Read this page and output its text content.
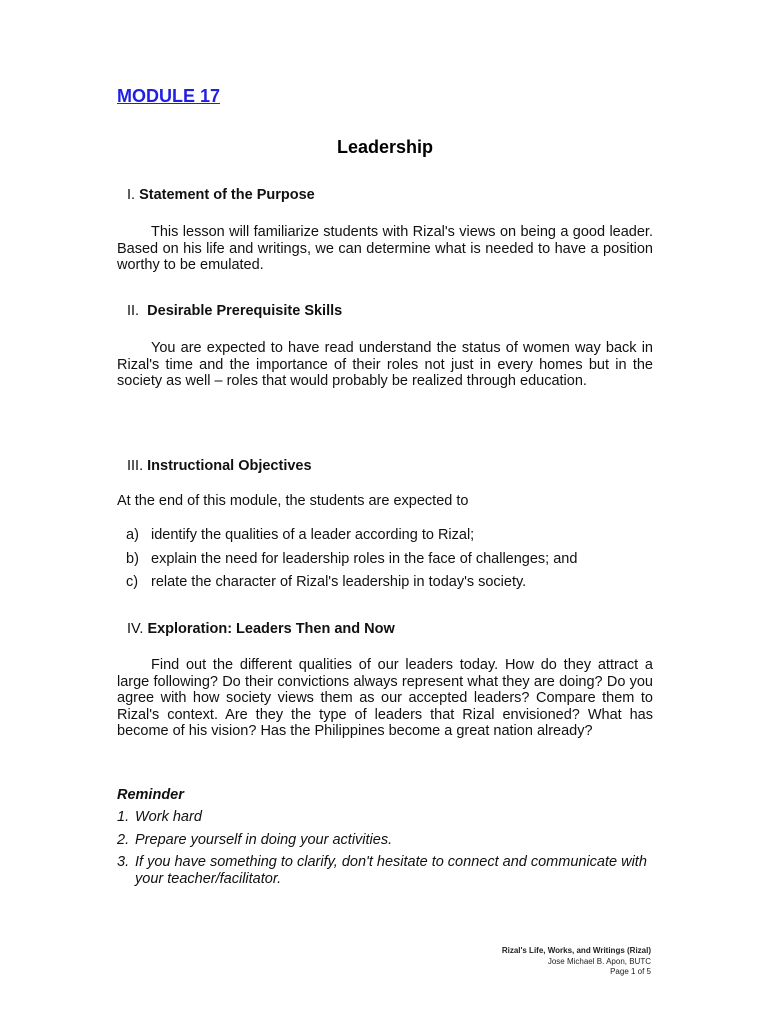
MODULE 17
Leadership
I. Statement of the Purpose
This lesson will familiarize students with Rizal's views on being a good leader. Based on his life and writings, we can determine what is needed to have a position worthy to be emulated.
II. Desirable Prerequisite Skills
You are expected to have read understand the status of women way back in Rizal's time and the importance of their roles not just in every homes but in the society as well – roles that would probably be realized through education.
III. Instructional Objectives
At the end of this module, the students are expected to
a) identify the qualities of a leader according to Rizal;
b) explain the need for leadership roles in the face of challenges; and
c) relate the character of Rizal's leadership in today's society.
IV. Exploration: Leaders Then and Now
Find out the different qualities of our leaders today. How do they attract a large following? Do their convictions always represent what they are doing? Do you agree with how society views them as our accepted leaders? Compare them to Rizal's context. Are they the type of leaders that Rizal envisioned? What has become of his vision? Has the Philippines become a great nation already?
Reminder
1. Work hard
2. Prepare yourself in doing your activities.
3. If you have something to clarify, don't hesitate to connect and communicate with your teacher/facilitator.
Rizal's Life, Works, and Writings (Rizal)
Jose Michael B. Apon, BUTC
Page 1 of 5
